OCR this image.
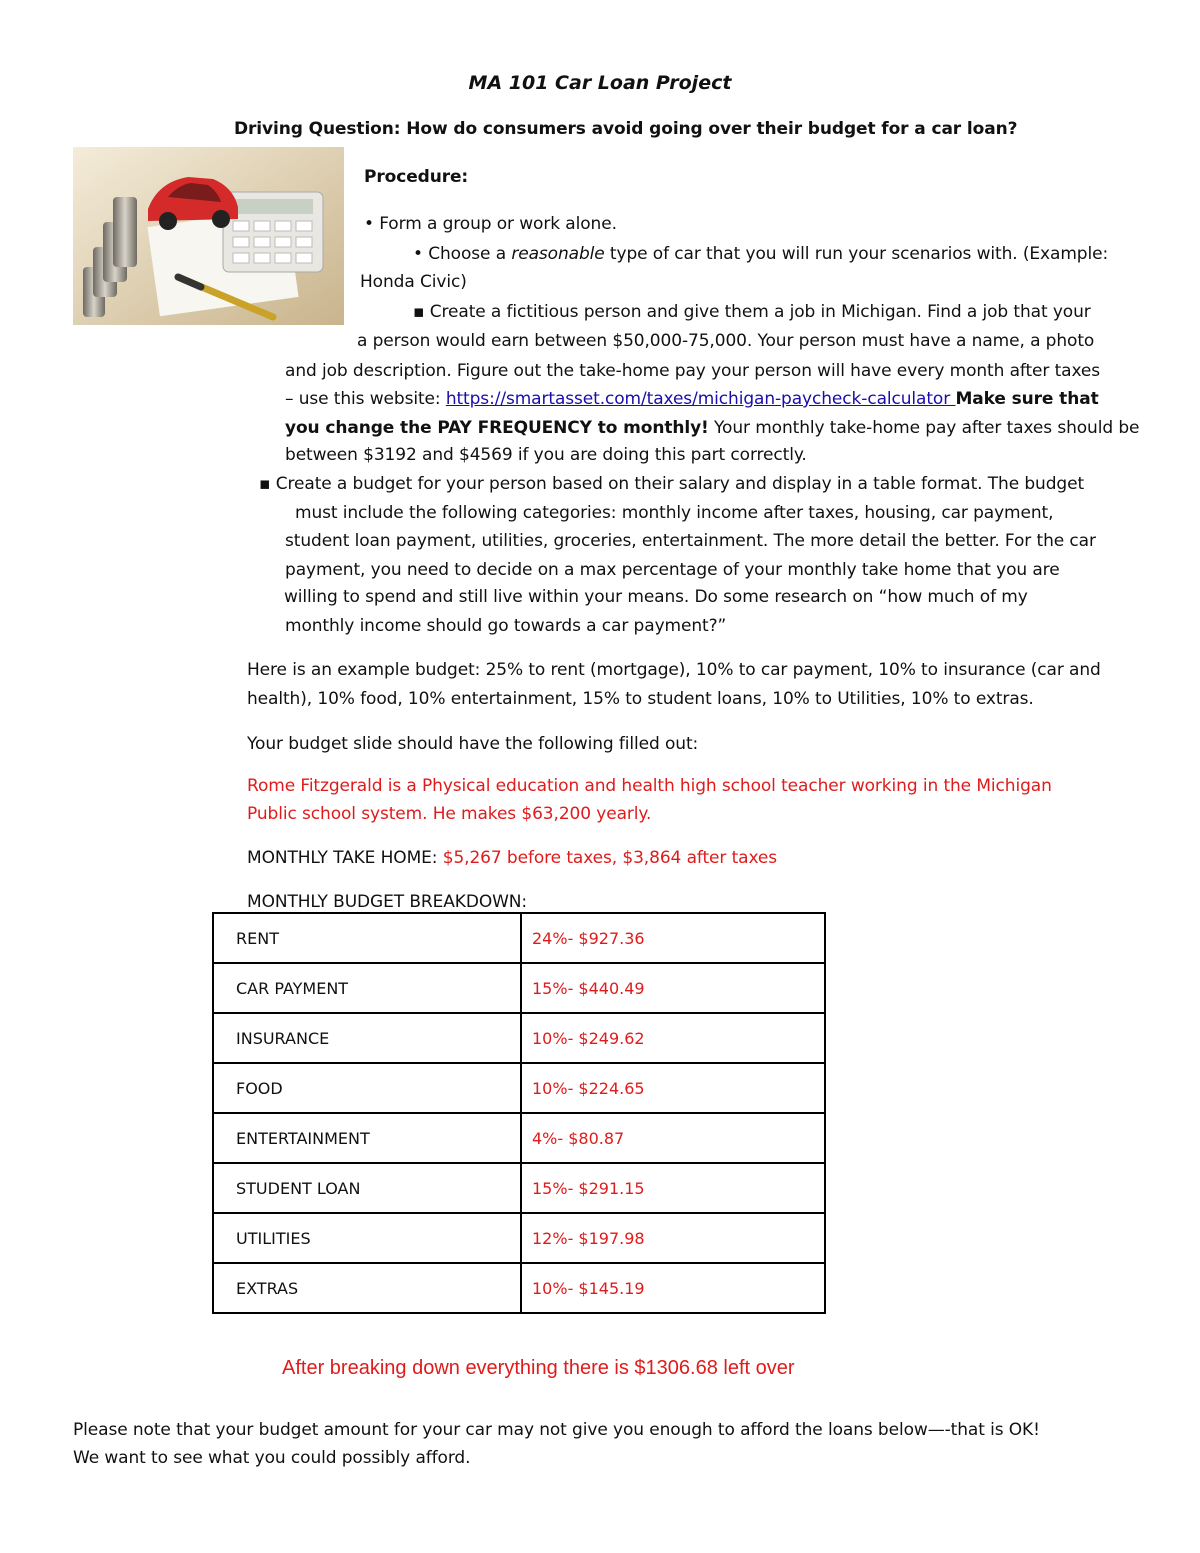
MA 101 Car Loan Project
Driving Question: How do consumers avoid going over their budget for a car loan?
Procedure:
• Form a group or work alone.
• Choose a reasonable type of car that you will run your scenarios with. (Example:
Honda Civic)
▪ Create a fictitious person and give them a job in Michigan. Find a job that your
a person would earn between $50,000-75,000. Your person must have a name, a photo
and job description. Figure out the take-home pay your person will have every month after taxes
– use this website: https://smartasset.com/taxes/michigan-paycheck-calculator Make sure that
you change the PAY FREQUENCY to monthly! Your monthly take-home pay after taxes should be
between $3192 and $4569 if you are doing this part correctly.
▪ Create a budget for your person based on their salary and display in a table format. The budget
must include the following categories: monthly income after taxes, housing, car payment,
student loan payment, utilities, groceries, entertainment. The more detail the better. For the car
payment, you need to decide on a max percentage of your monthly take home that you are
willing to spend and still live within your means. Do some research on “how much of my
monthly income should go towards a car payment?”
Here is an example budget: 25% to rent (mortgage), 10% to car payment, 10% to insurance (car and
health), 10% food, 10% entertainment, 15% to student loans, 10% to Utilities, 10% to extras.
Your budget slide should have the following filled out:
Rome Fitzgerald is a Physical education and health high school teacher working in the Michigan
Public school system. He makes $63,200 yearly.
MONTHLY TAKE HOME: $5,267 before taxes, $3,864 after taxes
MONTHLY BUDGET BREAKDOWN:
RENT	24%- $927.36
CAR PAYMENT	15%- $440.49
INSURANCE	10%- $249.62
FOOD	10%- $224.65
ENTERTAINMENT	4%- $80.87
STUDENT LOAN	15%- $291.15
UTILITIES	12%- $197.98
EXTRAS	10%- $145.19
After breaking down everything there is $1306.68 left over
Please note that your budget amount for your car may not give you enough to afford the loans below—-that is OK!
We want to see what you could possibly afford.
